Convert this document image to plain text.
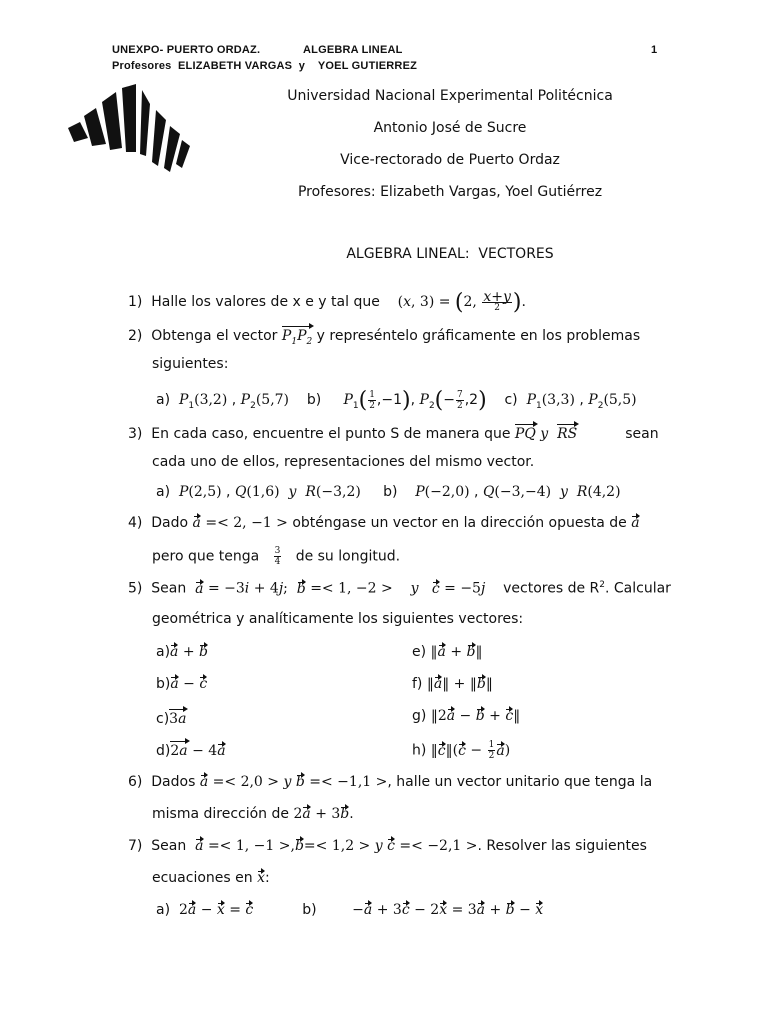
UNEXPO- PUERTO ORDAZ.	ALGEBRA LINEAL	1
Profesores  ELIZABETH VARGAS  y    YOEL GUTIERREZ
Universidad Nacional Experimental Politécnica
Antonio José de Sucre
Vice-rectorado de Puerto Ordaz
Profesores: Elizabeth Vargas, Yoel Gutiérrez
ALGEBRA LINEAL:  VECTORES
1) Halle los valores de x e y tal que (x, 3) = (2, $\frac{x+y}{2}$ ).
2) Obtenga el vector $P_1P_2$ y represéntelo gráficamente en los problemas
siguientes:
a)  $P_1(3,2)$ , $P_2(5,7)$    b)     $P_1( \frac{1}{2} ,-1)$, $P_2(- \frac{7}{2} ,2)$    c)  $P_1(3,3)$ , $P_2(5,5)$
3) En cada caso, encuentre el punto S de manera que PQ y RS	sean
cada uno de ellos, representaciones del mismo vector.
a)  P(2,5) , Q(1,6) y R(−3,2)     b)    P(−2,0) , Q(−3,−4) y R(4,2)
4) Dado a =< 2, −1 > obténgase un vector en la dirección opuesta de a
pero que tenga $\frac{3}{4}$ de su longitud.
5) Sean a = −3i + 4j; b =< 1, −2 > y c = −5j vectores de $R^2$. Calcular
geométrica y analíticamente los siguientes vectores:
a)a + b	e) ‖a + b‖
b)a − c	f) ‖a‖ + ‖b‖
c)3a	g) ‖2a − b + c‖
d)2a − 4a	h) ‖c‖(c − $\frac{1}{2} a$)
6) Dados a =< 2,0 > y b =< −1,1 >, halle un vector unitario que tenga la
misma dirección de 2a + 3b.
7) Sean a =< 1, −1 >,b=< 1,2 > y c =< −2,1 >. Resolver las siguientes
ecuaciones en x:
a)  2a − x = c           b)        −a + 3c − 2x = 3a + b − x
